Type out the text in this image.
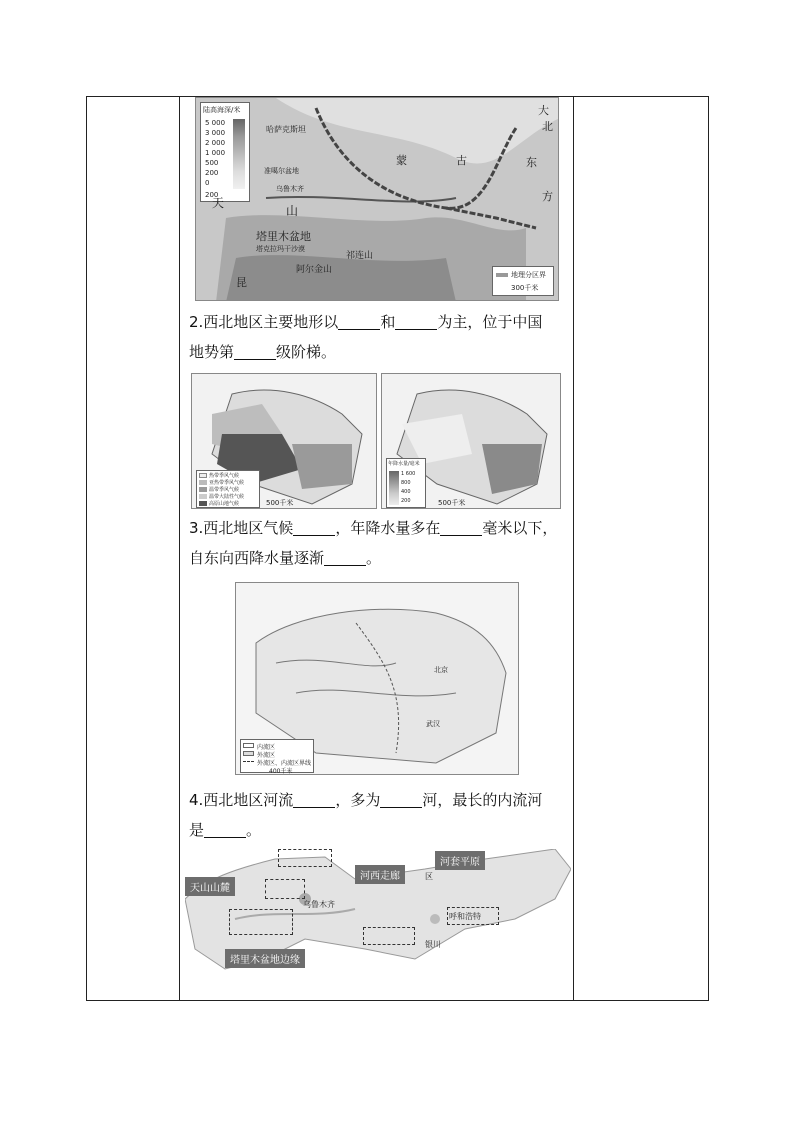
陆高海深/米
5 000
3 000
2 000
1 000
500
200
0
200
哈萨克斯坦
蒙	古
准噶尔盆地
乌鲁木齐
天
山
塔里木盆地
塔克拉玛干沙漠
阿尔金山
昆
祁连山
大
北
东
方
地理分区界
300千米
2.西北地区主要地形以	和	为主，位于中国
地势第	级阶梯。
热带季风气候
亚热带季风气候
温带季风气候
温带大陆性气候
高原山地气候	500千米
年降水量/毫米
1 600
800
400
200	500千米
3.西北地区气候	，年降水量多在	毫米以下，
自东向西降水量逐渐	。
北京
武汉
内流区
外流区
外流区、内流区界线
400千米
4.西北地区河流	，多为	河，最长的内流河
是	。
天山山麓
河西走廊
河套平原
塔里木盆地边缘
乌鲁木齐
呼和浩特
银川
区
